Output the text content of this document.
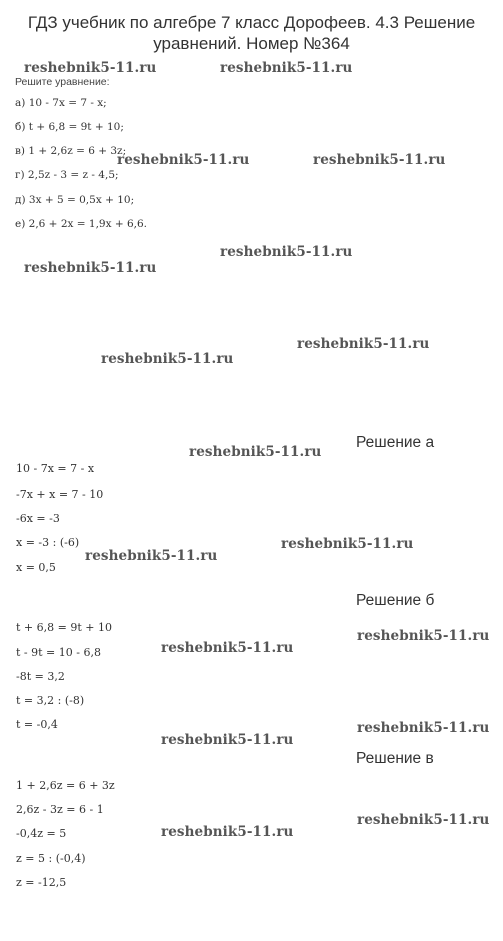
ГДЗ учебник по алгебре 7 класс Дорофеев. 4.3 Решение
уравнений. Номер №364
reshebnik5-11.ru	reshebnik5-11.ru
reshebnik5-11.ru	reshebnik5-11.ru
reshebnik5-11.ru
reshebnik5-11.ru
reshebnik5-11.ru
reshebnik5-11.ru
reshebnik5-11.ru
reshebnik5-11.ru
reshebnik5-11.ru
reshebnik5-11.ru
reshebnik5-11.ru
reshebnik5-11.ru
reshebnik5-11.ru
reshebnik5-11.ru
reshebnik5-11.ru
Решите уравнение:
а) 10 - 7x = 7 - x;
б) t + 6,8 = 9t + 10;
в) 1 + 2,6z = 6 + 3z;
г) 2,5z - 3 = z - 4,5;
д) 3x + 5 = 0,5x + 10;
е) 2,6 + 2x = 1,9x + 6,6.
Решение а
10 - 7x = 7 - x
-7x + x = 7 - 10
-6x = -3
x = -3 : (-6)
x = 0,5
Решение б
t + 6,8 = 9t + 10
t - 9t = 10 - 6,8
-8t = 3,2
t = 3,2 : (-8)
t = -0,4
Решение в
1 + 2,6z = 6 + 3z
2,6z - 3z = 6 - 1
-0,4z = 5
z = 5 : (-0,4)
z = -12,5
